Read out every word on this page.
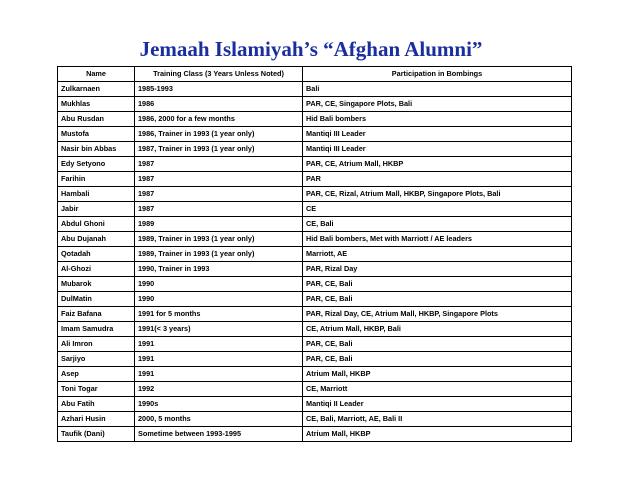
Jemaah Islamiyah’s “Afghan Alumni”
Name	Training Class (3 Years Unless Noted)	Participation in Bombings
Zulkarnaen	1985-1993	Bali
Mukhlas	1986	PAR, CE, Singapore Plots, Bali
Abu Rusdan	1986, 2000 for a few months	Hid Bali bombers
Mustofa	1986, Trainer in 1993 (1 year only)	Mantiqi III Leader
Nasir bin Abbas	1987, Trainer in 1993 (1 year only)	Mantiqi III Leader
Edy Setyono	1987	PAR, CE, Atrium Mall, HKBP
Farihin	1987	PAR
Hambali	1987	PAR, CE, Rizal, Atrium Mall, HKBP, Singapore Plots, Bali
Jabir	1987	CE
Abdul Ghoni	1989	CE, Bali
Abu Dujanah	1989, Trainer in 1993 (1 year only)	Hid Bali bombers, Met with Marriott / AE leaders
Qotadah	1989, Trainer in 1993 (1 year only)	Marriott, AE
Al-Ghozi	1990, Trainer in 1993	PAR, Rizal Day
Mubarok	1990	PAR, CE, Bali
DulMatin	1990	PAR, CE, Bali
Faiz Bafana	1991 for 5 months	PAR, Rizal Day, CE, Atrium Mall, HKBP, Singapore Plots
Imam Samudra	1991(< 3 years)	CE, Atrium Mall, HKBP, Bali
Ali Imron	1991	PAR, CE, Bali
Sarjiyo	1991	PAR, CE, Bali
Asep	1991	Atrium Mall, HKBP
Toni Togar	1992	CE, Marriott
Abu Fatih	1990s	Mantiqi II Leader
Azhari Husin	2000, 5 months	CE, Bali, Marriott, AE, Bali II
Taufik (Dani)	Sometime between 1993-1995	Atrium Mall, HKBP
